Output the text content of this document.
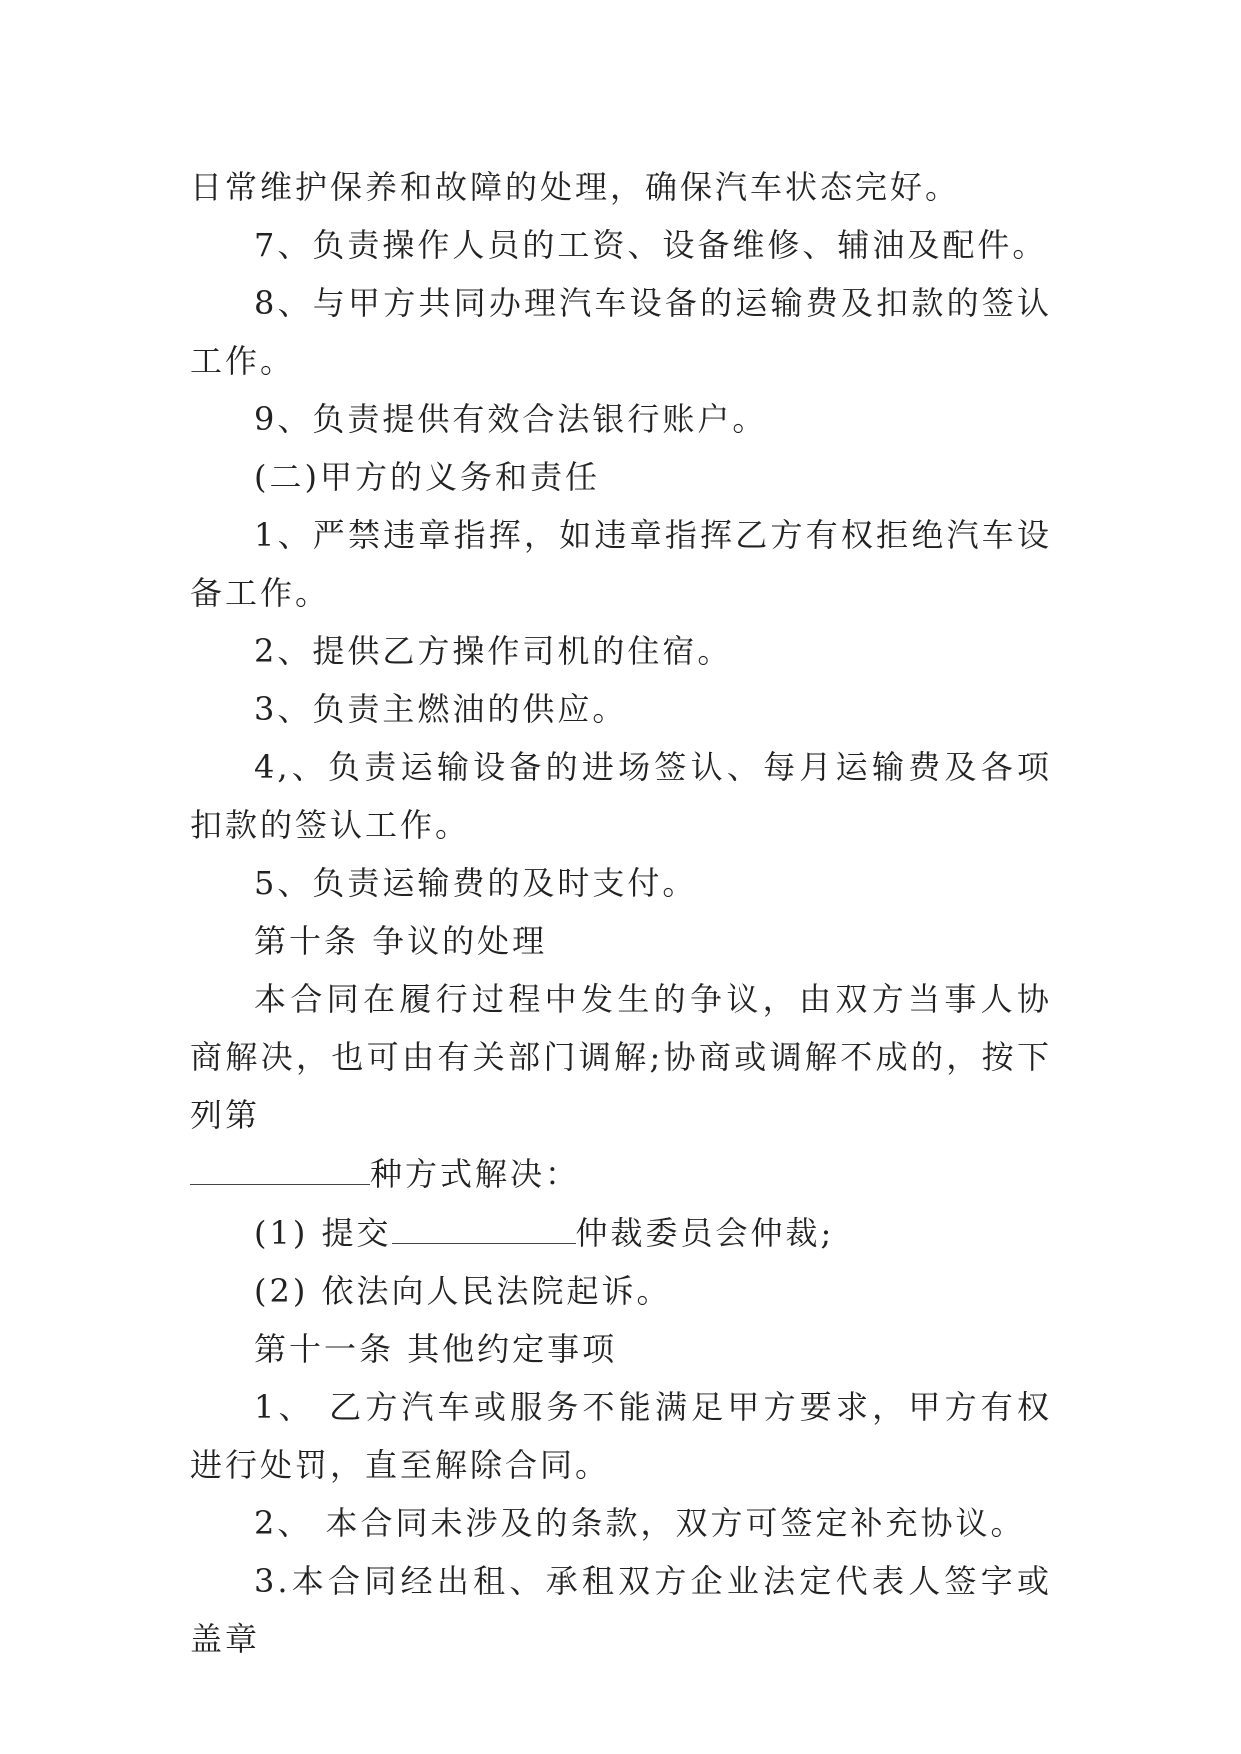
日常维护保养和故障的处理，确保汽车状态完好。

7、负责操作人员的工资、设备维修、辅油及配件。

8、与甲方共同办理汽车设备的运输费及扣款的签认工作。

9、负责提供有效合法银行账户。

(二)甲方的义务和责任

1、严禁违章指挥，如违章指挥乙方有权拒绝汽车设备工作。

2、提供乙方操作司机的住宿。

3、负责主燃油的供应。

4,、负责运输设备的进场签认、每月运输费及各项扣款的签认工作。

5、负责运输费的及时支付。

第十条 争议的处理

本合同在履行过程中发生的争议，由双方当事人协商解决，也可由有关部门调解;协商或调解不成的，按下列第

种方式解决：

(1) 提交	仲裁委员会仲裁;

(2) 依法向人民法院起诉。

第十一条 其他约定事项

1、 乙方汽车或服务不能满足甲方要求，甲方有权进行处罚，直至解除合同。

2、 本合同未涉及的条款，双方可签定补充协议。

3.本合同经出租、承租双方企业法定代表人签字或盖章
